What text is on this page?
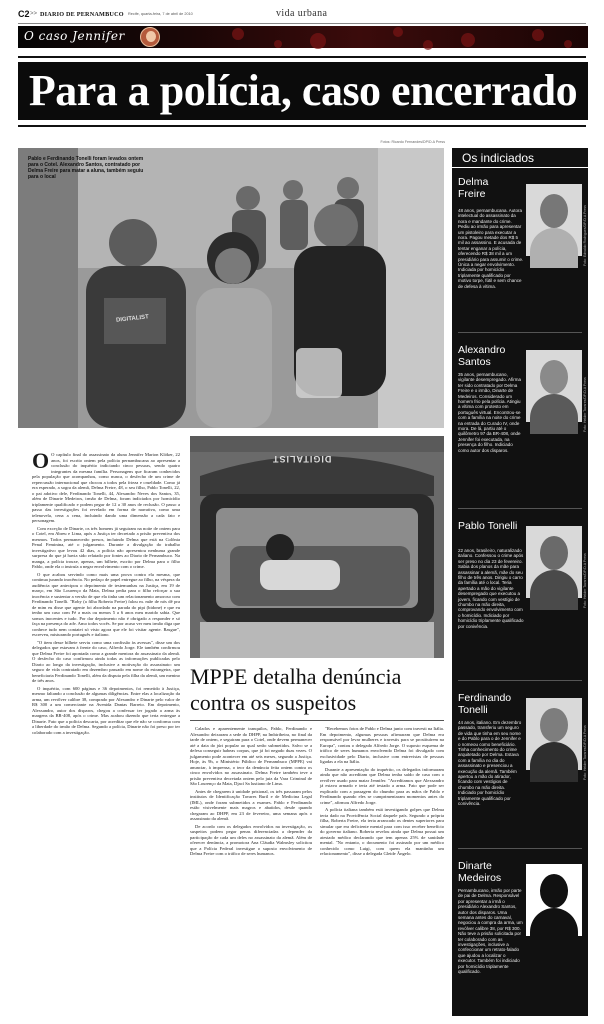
C2 >> DIARIO DE PERNAMBUCO Recife, quarta-feira, 7 de abril de 2010	vida urbana
O caso Jennifer
Para a polícia, caso encerrado
Fotos: Ricardo Fernandes/DP/D.A Press
DIGITALIST
Pablo e Ferdinando Tonelli foram levados ontem para o Cotel. Alexandro Santos, contratado por Delma Freire para matar a aluna, também seguiu para o local

O O capítulo final do assassinato da aluna Jennifer Marion Klöker, 22 anos, foi escrito ontem pela polícia pernambucana ao apresentar a conclusão do inquérito indiciando cinco pessoas, sendo quatro integrantes da mesma família. Personagens que ficaram conhecidos pela população que acompanhou, como nunca, o desfecho de um crime de repercussão internacional que chocou a todos pela frieza e crueldade. Como já era esperado, a sogra da alemã, Delma Freire, 48, o seu filho, Pablo Tonelli, 22, o pai adotivo dele, Ferdinando Tonelli, 44, Alexandro Neves dos Santos, 35, além de Dinarte Medeiros, irmão de Delma, foram indiciados por homicídio triplamente qualificado e podem pegar de 12 a 30 anos de reclusão. O passo a passo das investigações foi revelado em forma de narrativa, como uma telenovela, cena a cena, incluindo dando uma dimensão a cada fato e personagem.

Com exceção de Dinarte, os três homens já seguiram na noite de ontem para o Cotel, em Abreu e Lima, após a Justiça ter decretado a prisão preventiva dos mesmos. Todos permanecerão presos, incluindo Delma que está na Colônia Penal Feminina, até o julgamento. Durante a divulgação do trabalho investigativo que levou 42 dias, a polícia não apresentou nenhuma grande surpresa do que já havia sido relatado por fontes ao Diario de Pernambuco. Na manga, a polícia trouxe, apenas, um bilhete, escrito por Delma para o filho Pablo, onde ela o instruía a negar envolvimento com o crime.

O que acabou servindo como mais uma prova contra ela mesma, que continua jurando inocência. No pedaço de papel entregue ao filho, na véspera da audiência que antecipou o depoimento de testemunhas na Justiça, em 19 de março, em São Lourenço da Mata, Delma pedia para o filho reforçar a sua inocência e sustentar a versão de que ela tinha um relacionamento amoroso com Ferdinando Tonelli. "Roby (a filha Roberta Freire) falou m. mãe de nós dê pra de mim eu disse que agente foi abordado na parada do pipi (bidone) e que eu tenho um caso com Fé a mais ou menos 5 a 6 anos meu marido sabia. Que somos inocentes e tudo. Por dar depoimento não é obrigado a responder e só faça na presença do adv. Amo todos vocês. Se por acaso ver meu irmão diga que conhece tudo nem contatei só visto agora que ele foi visitar agente. Rasgue", escreveu, misturando português e italiano.

"O item desse bilhete serviu como uma confissão às avessas", disse um dos delegados que estavam à frente do caso, Alfredo Jorge. Ele também confirmou que Delma Freire foi apontada como a grande mentora do assassinato da alemã. O desfecho do caso confirmou ainda todas as informações publicadas pelo Diario ao longo da investigação, inclusive a motivação do assassinato: um seguro de vida contratado em dezembro passado em nome da estrangeira, que beneficiaria Ferdinando Tonelli, além da disputa pela filha da alemã, um menino de três anos.

O inquérito, com 600 páginas e 36 depoimentos, foi remetido à Justiça, mesmo faltando a conclusão de algumas diligências. Entre elas a localização da arma, um revólver calibre 38, comprado por Alexandro e Dinarte pelo valor de R$ 300 a um comerciante na Avenida Dantas Barreto. Em depoimento, Alexsandro, autor dos disparos, chegou a confessar ter jogado a arma às margens da BR-408, após o crime. Mas acabou dizendo que teria entregue a Dinarte. Fato que a polícia descarta, por acreditar que ele não se conforma com a liberdade do irmão de Delma. Segundo a polícia, Dinarte não foi preso por ter colaborado com a investigação.

DIGITALIST
MPPE detalha denúncia contra os suspeitos

Calados e aparentemente tranquilos, Pablo, Ferdinando e Alexandro deixaram a sede do DHPP, na Imbiribeira, no final da tarde de ontem, e seguiram para o Cotel, onde devem permanecer até a data do júri popular ao qual serão submetidos. Salvo se a defesa conseguir habeas corpus, que já foi negado duas vezes. O julgamento pode acontecer em até seis meses, segundo a Justiça. Hoje, às 9h, o Ministério Público de Pernambuco (MPPE) vai anunciar, à imprensa, o teor da denúncia feita ontem contra os cinco envolvidos no assassinato. Delma Freire também teve a prisão preventiva decretada ontem pelo juiz da Vara Criminal de São Lourenço da Mata, Djací Sa lustiano de Lima.

Antes de chegarem à unidade prisional, os três passaram pelos institutos de Identificação Tavares Buril e de Medicina Legal (IML), onde foram submetidos a exames. Pablo e Ferdinando estão visivelmente mais magros e abatidos, desde quando chegaram ao DHPP, em 23 de fevereiro, uma semana após o assassinato da alemã.

De acordo com os delegados envolvidos na investigação, os suspeitos podem pegar penas diferenciadas a depender da participação de cada um deles no assassinato da alemã. Além de oferecer denúncia, a promotora Ana Cláudia Walmsley solicitou que a Polícia Federal investigue o suposto envolvimento de Delma Freire com o tráfico de seres humanos.

"Recebemos fotos de Pablo e Delma junto com travesti na Itália. Em depoimento, algumas pessoas afirmaram que Delma era responsável por levar mulheres e travestis para se prostituírem na Europa", contou o delegado Alfredo Jorge. O suposto esquema de tráfico de seres humanos envolvendo Delma foi divulgado com exclusividade pelo Diario, inclusive com entrevistas de pessoas ligadas a ela na Itália.

Durante a apresentação do inquérito, os delegados informaram ainda que não acreditam que Delma tenha saído de casa com o revólver usado para matar Jennifer. "Acreditamos que Alexsandro já estava armado e teria até testado a arma. Fato que pode ser explicado com a passagem do chumbo para as mãos de Pablo e Ferdinando quando eles se cumprimentaram momentos antes do crime", afirmou Alfredo Jorge.

A polícia italiana também está investigando golpes que Delma teria dado na Providência Social daquele país. Segundo a própria filha, Roberta Freire, ela teria arrancado os dentes superiores para simular que era deficiente mental para com isso receber benefício do governo italiano. Roberta revelou ainda que Delma possui um atestado médico declarando que tem apenas 25% de sanidade mental. "No entanto, o documento foi assinado por um médico conhecido como Luigi, com quem ela mantinha um relacionamento", disse a delegada Gleide Ângelo.

Os indiciados
Delma Freire
Foto: Edvaldo Rodrigues/DP/D.A Press
48 anos, pernambucana. Autora intelectual do assassinato da nora e mandante do crime. Pediu ao irmão para apresentar um pistoleiro para executar a nora. Pagou metade dos R$ 5 mil ao assassino. E acusada de tentar enganar a polícia, oferecendo R$ 38 mil a um presidiário para assumir o crime. Única a negar envolvimento. Indiciada por homicídio triplamente qualificado por motivo torpe, fútil e sem chance de defesa à vítima.
Alexandro Santos
Foto: Helder Tavares/DP/D.A Press
35 anos, pernambucano, vigilante desempregado. Afirma ter sido contratado por Delma Freire e o irmão, Dinarte de Medeiros. Considerado um homem frio pela polícia. Atingiu a vítima com protesto em português virtual. Encontrou-se com a família na noite do crime na entrada do Curado IV, onde mora. De lá, partiu até o quilômetro 97 da BR-408, onde Jennifer foi executada, na presença do filho. Indiciado como autor dos disparos.
Pablo Tonelli
Foto: Helder Tavares/DP/D.A Press
22 anos, brasileiro, naturalizado italiano. Confessou o crime após ser preso no dia 23 de fevereiro. Sabia dos planos da mãe para assassinar a alemã, mãe do seu filho de três anos. Dirigiu o carro da família até o local. Teria apertado a mão do vigilante desempregado que executou a jovem, ficando com vestígio de chumbo na mão direita, comprovando envolvimento com o homicídio. Indiciado por homicídio triplamente qualificado por conivência.
Ferdinando Tonelli
Foto: Helder Tavares/DP/D.A Press
44 anos, italiano. Em dezembro passado, transferiu um seguro de vida que tinha em seu nome e do Pablo para o de Jennifer e o nomeou como beneficiário. Tinha conhecimento do crime arquitetado por Delma. Estava com a família no dia do assassinato e presenciou a execução da alemã. Também apertou a mão do atirador, ficando com vestígios de chumbo na mão direita. Indiciado por homicídio triplamente qualificado por conivência.
Dinarte Medeiros
Pernambucano, irmão por parte de pai de Delma. Responsável por apresentar a irmã o presidiário Alexandro Santos, autor dos disparos. Uma semana antes do carnaval, negociou a compra da arma, um revólver calibre 38, por R$ 300. Não teve a prisão solicitada por ter colaborado com as investigações, inclusive a confeccionar um retrato-falado que ajudou a localizar o executor. Também foi indiciado por homicídio triplamente qualificado.
